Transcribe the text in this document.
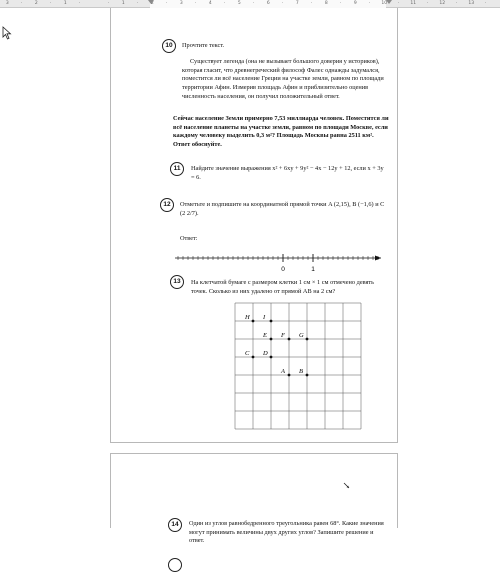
3	·	2	·	1	·	·	1	·	2	·	3	·	4	·	5	·	6	·	7	·	8	·	9	·	10	·	11	·	12	·	13	·
10	Прочтите текст.
Существует легенда (она не вызывает большого доверия у историков), которая гласит, что древнегреческий философ Фалес однажды задумался, поместится ли всё население Греции на участке земли, равном по площади территории Афин. Измерив площадь Афин и приблизительно оценив численность населения, он получил положительный ответ.
Сейчас население Земли примерно 7,53 миллиарда человек. Поместится ли всё население планеты на участке земли, равном по площади Москве, если каждому человеку выделить 0,3 м²? Площадь Москвы равна 2511 км². Ответ обоснуйте.
11	Найдите значение выражения x² + 6xy + 9y² − 4x − 12y + 12, если x + 3y = 6.
12	Отметьте и подпишите на координатной прямой точки A (2,15), B (−1,6) и C (2 2/7).
Ответ:
0	1
13	На клетчатой бумаге с размером клетки 1 см × 1 см отмечено девять точек. Сколько из них удалено от прямой AB на 2 см?
H I
E F G
C D
A B
14	Один из углов равнобедренного треугольника равен 68°. Какие значения могут принимать величины двух других углов? Запишите решение и ответ.
